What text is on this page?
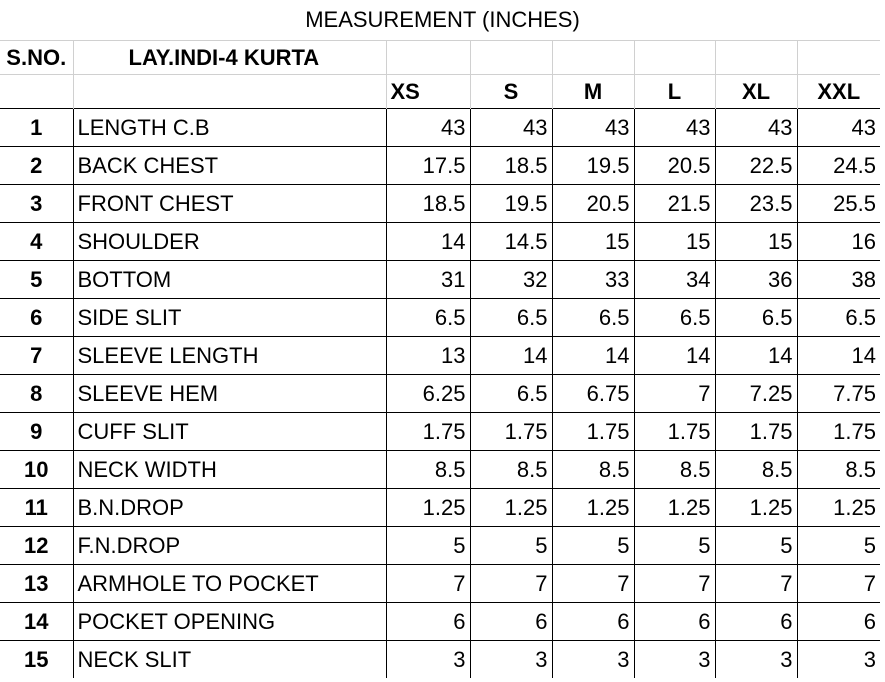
MEASUREMENT (INCHES)
S.NO.	LAY.INDI-4 KURTA						
		XS	S	M	L	XL	XXL
1	LENGTH C.B	43	43	43	43	43	43
2	BACK CHEST	17.5	18.5	19.5	20.5	22.5	24.5
3	FRONT CHEST	18.5	19.5	20.5	21.5	23.5	25.5
4	SHOULDER	14	14.5	15	15	15	16
5	BOTTOM	31	32	33	34	36	38
6	SIDE SLIT	6.5	6.5	6.5	6.5	6.5	6.5
7	SLEEVE LENGTH	13	14	14	14	14	14
8	SLEEVE HEM	6.25	6.5	6.75	7	7.25	7.75
9	CUFF SLIT	1.75	1.75	1.75	1.75	1.75	1.75
10	NECK WIDTH	8.5	8.5	8.5	8.5	8.5	8.5
11	B.N.DROP	1.25	1.25	1.25	1.25	1.25	1.25
12	F.N.DROP	5	5	5	5	5	5
13	ARMHOLE TO POCKET	7	7	7	7	7	7
14	POCKET OPENING	6	6	6	6	6	6
15	NECK SLIT	3	3	3	3	3	3
